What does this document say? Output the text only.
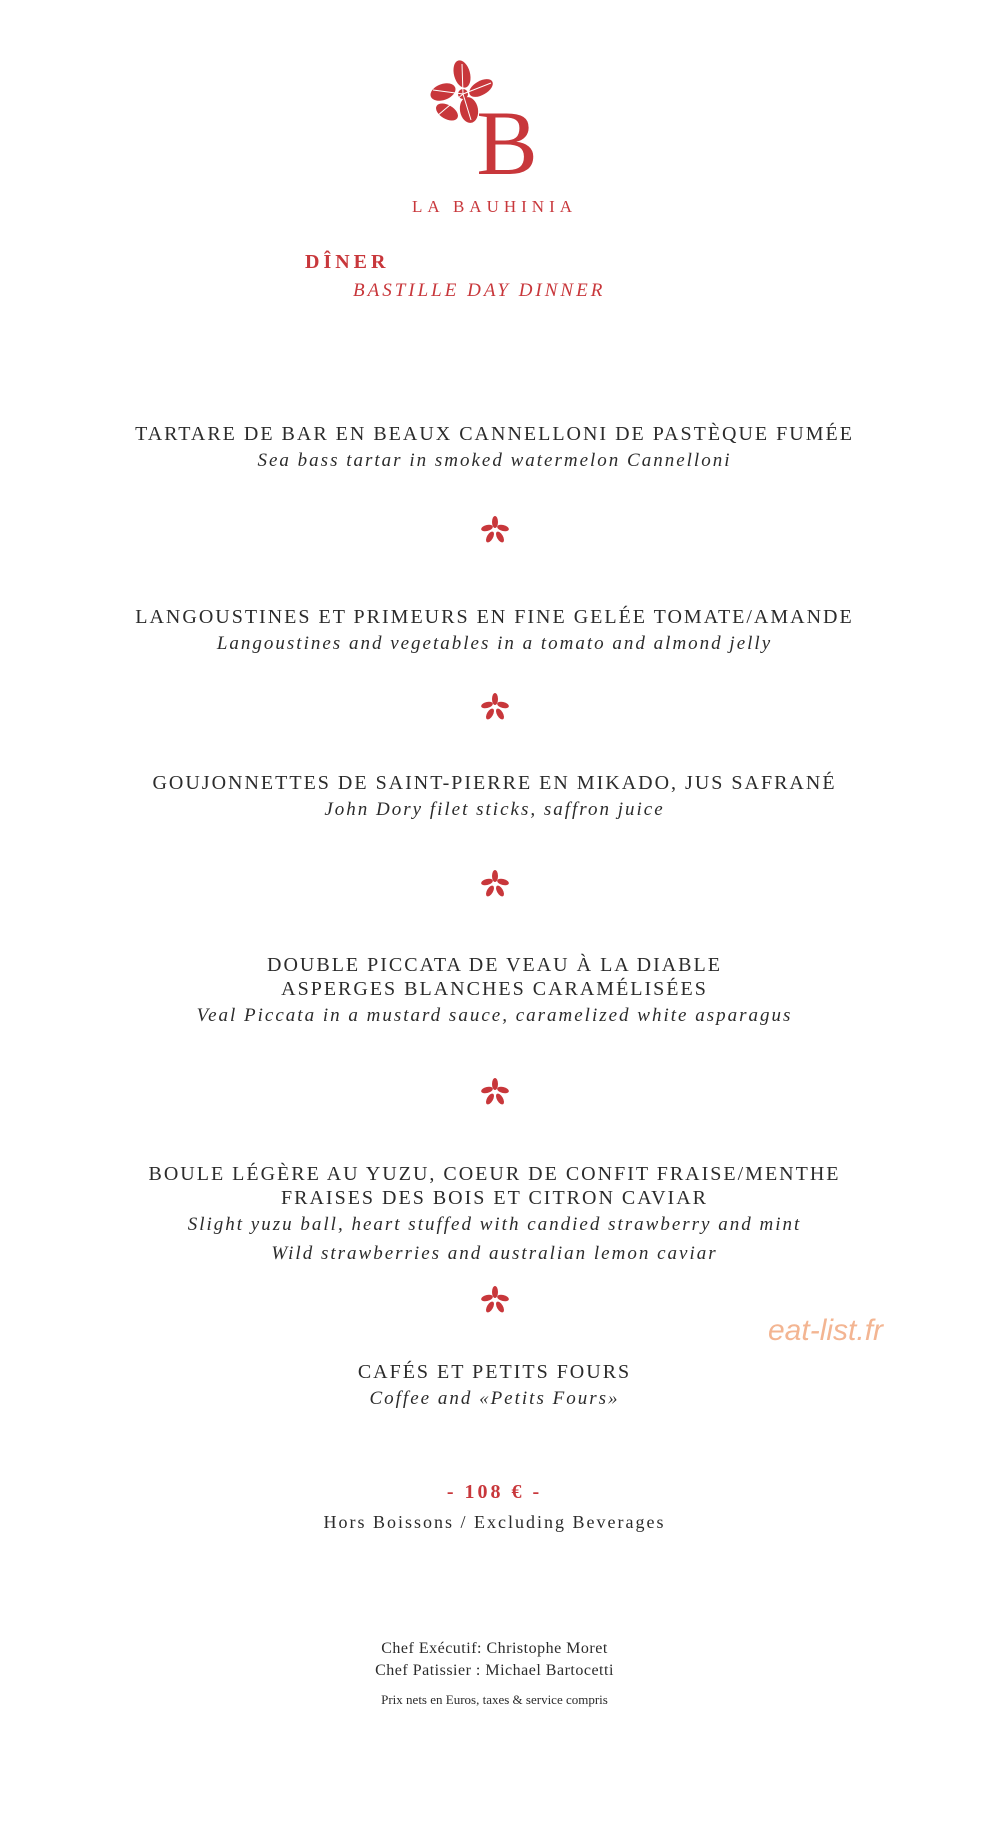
B
LA BAUHINIA
DÎNER
BASTILLE DAY DINNER
TARTARE DE BAR EN BEAUX CANNELLONI DE PASTÈQUE FUMÉE
Sea bass tartar in smoked watermelon Cannelloni
LANGOUSTINES ET PRIMEURS EN FINE GELÉE TOMATE/AMANDE
Langoustines and vegetables in a tomato and almond jelly
GOUJONNETTES DE SAINT-PIERRE EN MIKADO, JUS SAFRANÉ
John Dory filet sticks, saffron juice
DOUBLE PICCATA DE VEAU À LA DIABLE
ASPERGES BLANCHES CARAMÉLISÉES
Veal Piccata in a mustard sauce, caramelized white asparagus
BOULE LÉGÈRE AU YUZU, COEUR DE CONFIT FRAISE/MENTHE
FRAISES DES BOIS ET CITRON CAVIAR
Slight yuzu ball, heart stuffed with candied strawberry and mint
Wild strawberries and australian lemon caviar
eat-list.fr
CAFÉS ET PETITS FOURS
Coffee and «Petits Fours»
- 108 € -
Hors Boissons / Excluding Beverages
Chef Exécutif: Christophe Moret
Chef Patissier : Michael Bartocetti
Prix nets en Euros, taxes & service compris
